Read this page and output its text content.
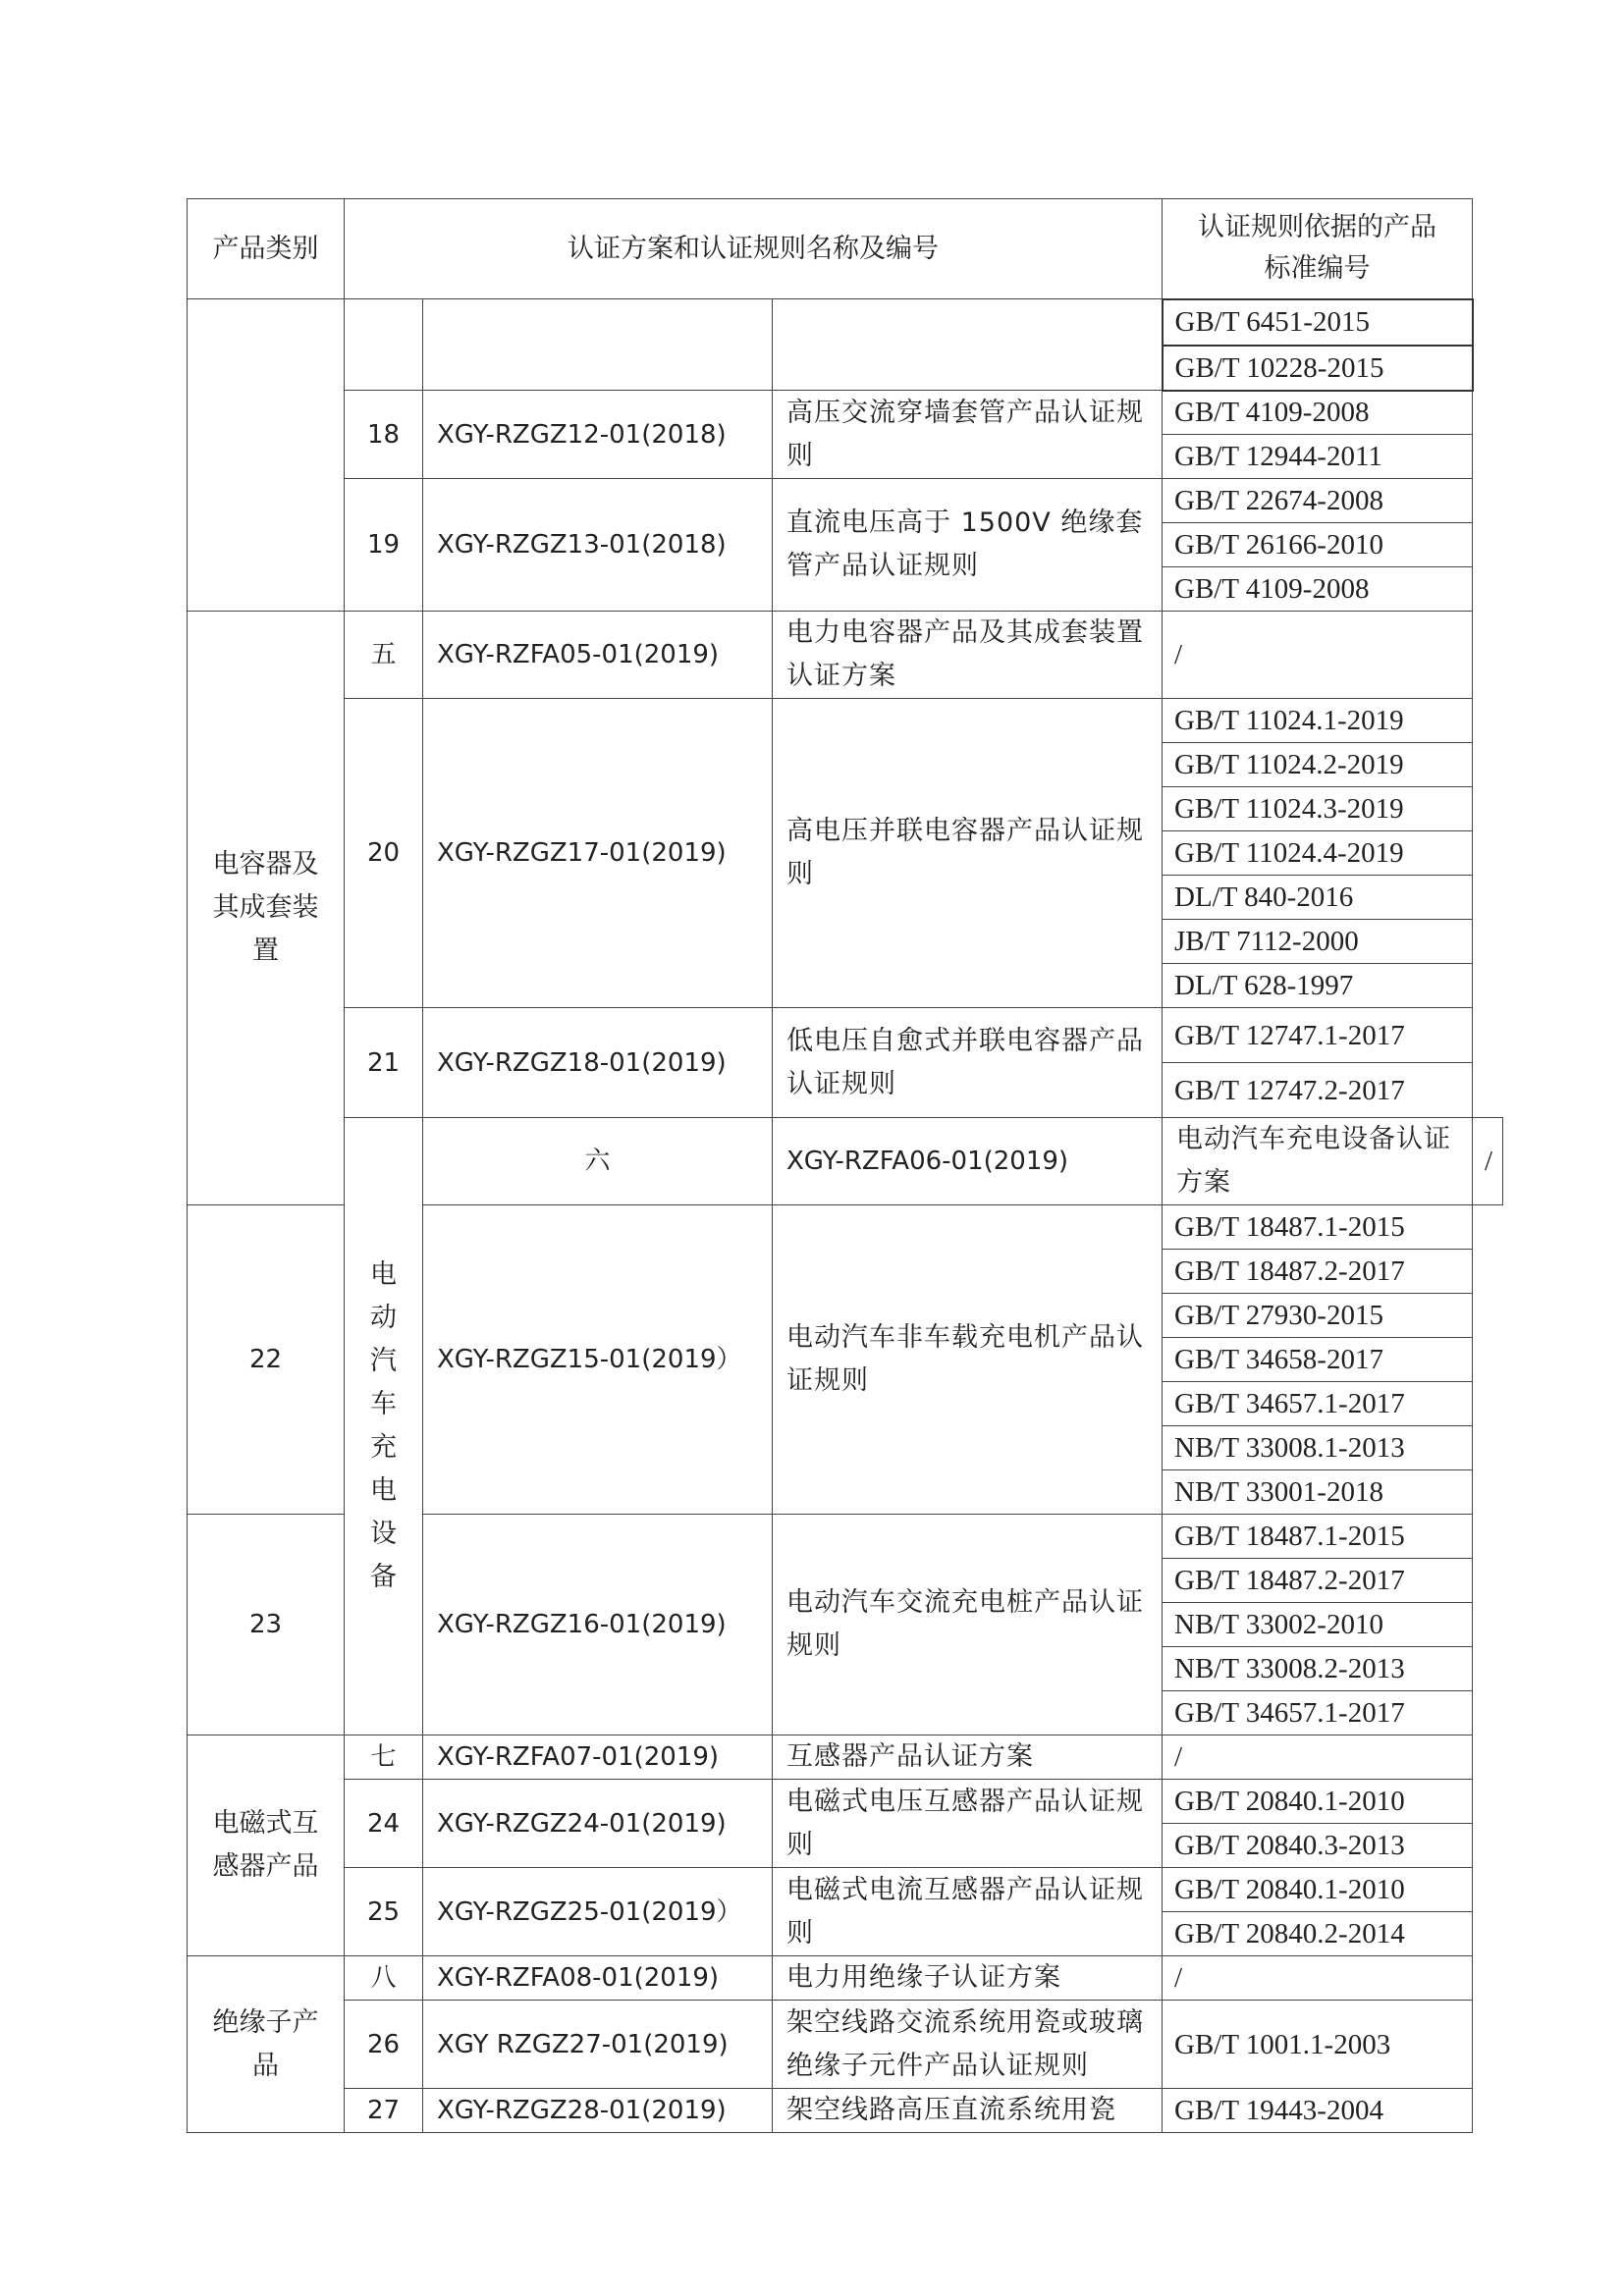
产品类别	认证方案和认证规则名称及编号			认证规则依据的产品
标准编号	

				GB/T 6451-2015	
				GB/T 10228-2015	
	18	XGY-RZGZ12-01(2018)	高压交流穿墙套管产品认证规则	GB/T 4109-2008	
				GB/T 12944-2011	
	19	XGY-RZGZ13-01(2018)	直流电压高于 1500V 绝缘套管产品认证规则	GB/T 22674-2008	
				GB/T 26166-2010	
				GB/T 4109-2008	
电容器及其成套装置	五	XGY-RZFA05-01(2019)	电力电容器产品及其成套装置认证方案	/	
	20	XGY-RZGZ17-01(2019)	高电压并联电容器产品认证规则	GB/T 11024.1-2019	
				GB/T 11024.2-2019	
				GB/T 11024.3-2019	
				GB/T 11024.4-2019	
				DL/T 840-2016	
				JB/T 7112-2000	
				DL/T 628-1997	
	21	XGY-RZGZ18-01(2019)	低电压自愈式并联电容器产品认证规则	GB/T 12747.1-2017	
				GB/T 12747.2-2017	
	电动汽车充电设备	六	XGY-RZFA06-01(2019)	电动汽车充电设备认证方案	/
22		XGY-RZGZ15-01(2019）	电动汽车非车载充电机产品认证规则	GB/T 18487.1-2015	
				GB/T 18487.2-2017	
				GB/T 27930-2015	
				GB/T 34658-2017	
				GB/T 34657.1-2017	
				NB/T 33008.1-2013	
				NB/T 33001-2018	
23		XGY-RZGZ16-01(2019)	电动汽车交流充电桩产品认证规则	GB/T 18487.1-2015	
				GB/T 18487.2-2017	
				NB/T 33002-2010	
				NB/T 33008.2-2013	
				GB/T 34657.1-2017	
电磁式互感器产品	七	XGY-RZFA07-01(2019)	互感器产品认证方案	/	
	24	XGY-RZGZ24-01(2019)	电磁式电压互感器产品认证规则	GB/T 20840.1-2010	
				GB/T 20840.3-2013	
	25	XGY-RZGZ25-01(2019）	电磁式电流互感器产品认证规则	GB/T 20840.1-2010	
				GB/T 20840.2-2014	
绝缘子产品	八	XGY-RZFA08-01(2019)	电力用绝缘子认证方案	/	
	26	XGY RZGZ27-01(2019)	架空线路交流系统用瓷或玻璃绝缘子元件产品认证规则	GB/T 1001.1-2003	
	27	XGY-RZGZ28-01(2019)	架空线路高压直流系统用瓷	GB/T 19443-2004	
